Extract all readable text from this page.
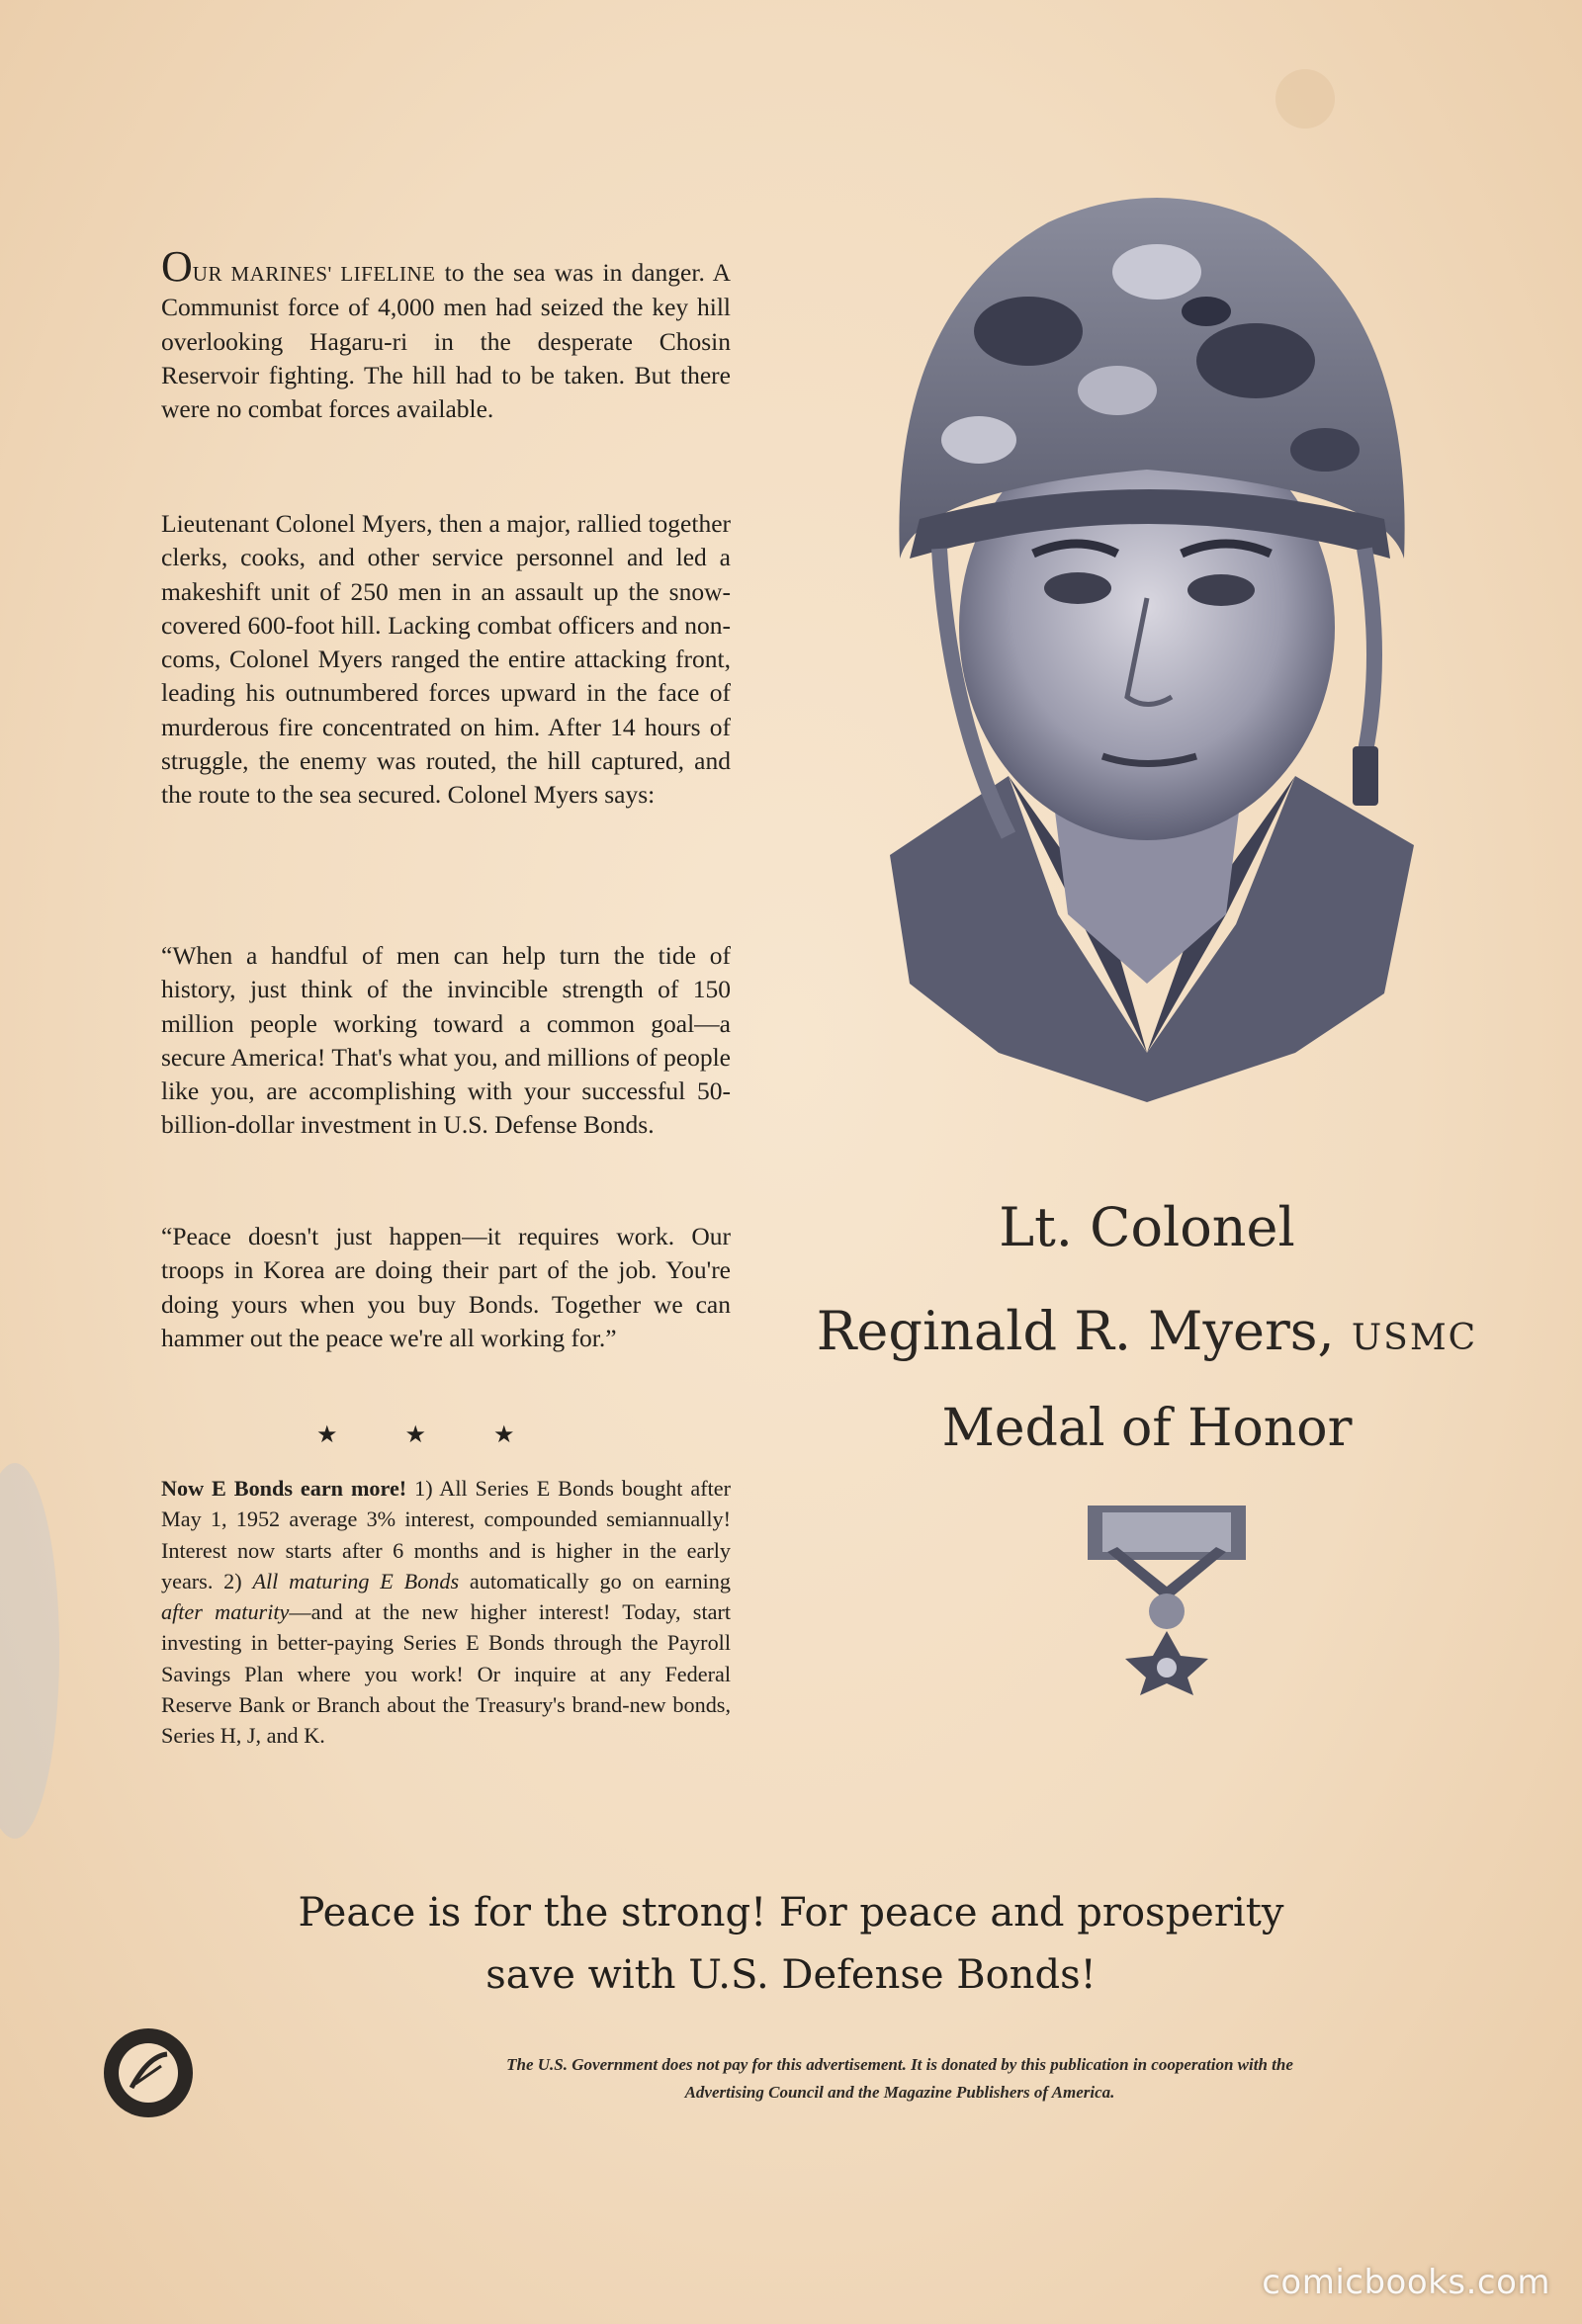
OUR MARINES' LIFELINE to the sea was in danger. A Communist force of 4,000 men had seized the key hill overlooking Hagaru-ri in the desperate Chosin Reservoir fighting. The hill had to be taken. But there were no combat forces available.

Lieutenant Colonel Myers, then a major, rallied together clerks, cooks, and other service personnel and led a makeshift unit of 250 men in an assault up the snow-covered 600-foot hill. Lacking combat officers and non-coms, Colonel Myers ranged the entire attacking front, leading his outnumbered forces upward in the face of murderous fire concentrated on him. After 14 hours of struggle, the enemy was routed, the hill captured, and the route to the sea secured. Colonel Myers says:

“When a handful of men can help turn the tide of history, just think of the invincible strength of 150 million people working toward a common goal—a secure America! That's what you, and millions of people like you, are accomplishing with your successful 50-billion-dollar investment in U.S. Defense Bonds.

“Peace doesn't just happen—it requires work. Our troops in Korea are doing their part of the job. You're doing yours when you buy Bonds. Together we can hammer out the peace we're all working for.”

★★★

Now E Bonds earn more! 1) All Series E Bonds bought after May 1, 1952 average 3% interest, compounded semiannually! Interest now starts after 6 months and is higher in the early years. 2) All maturing E Bonds automatically go on earning after maturity—and at the new higher interest! Today, start investing in better-paying Series E Bonds through the Payroll Savings Plan where you work! Or inquire at any Federal Reserve Bank or Branch about the Treasury's brand-new bonds, Series H, J, and K.

Lt. Colonel
Reginald R. Myers, USMC
Medal of Honor
Peace is for the strong! For peace and prosperity
save with U.S. Defense Bonds!
The U.S. Government does not pay for this advertisement. It is donated by this publication in cooperation with the
Advertising Council and the Magazine Publishers of America.
comicbooks.com
